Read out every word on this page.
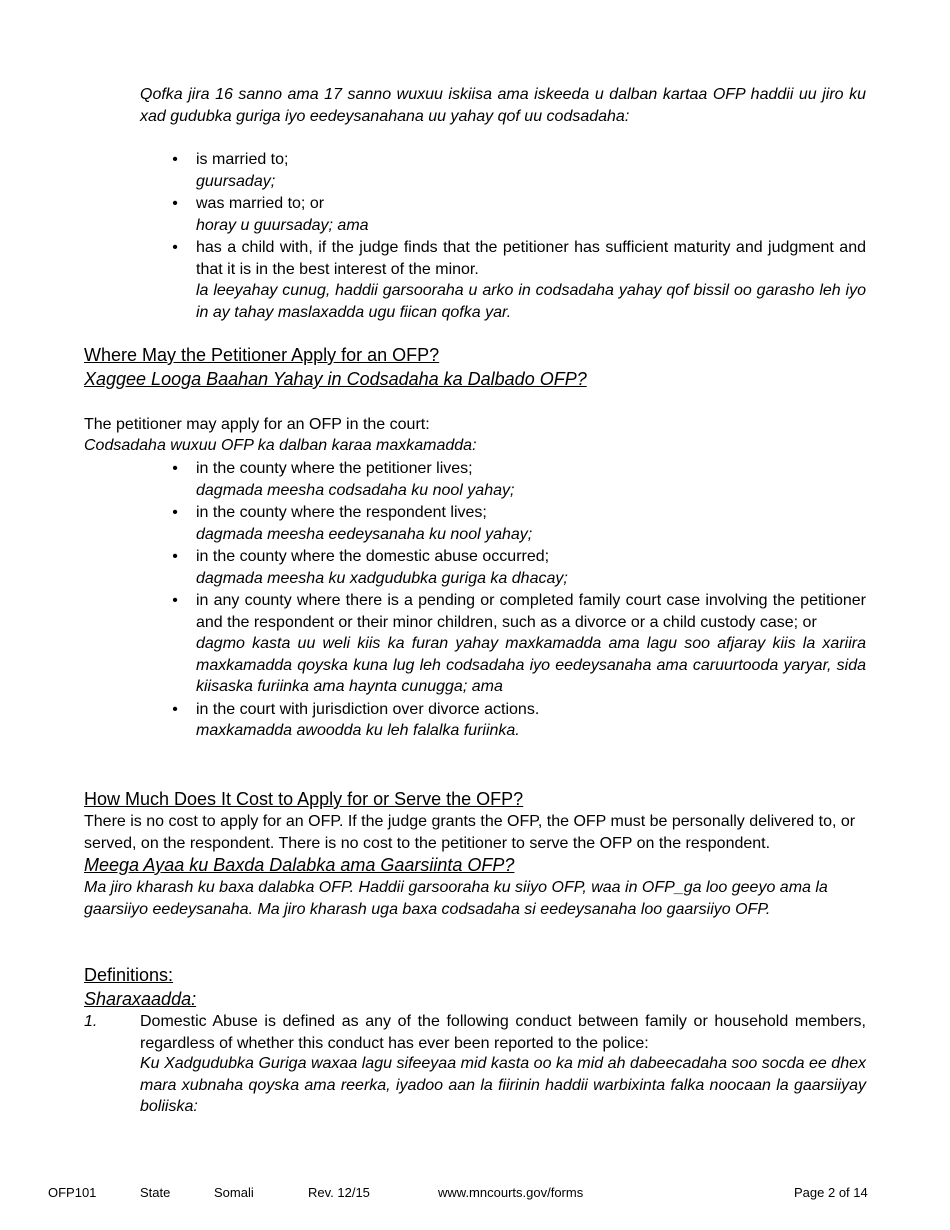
Qofka jira 16 sanno ama 17 sanno wuxuu iskiisa ama iskeeda u dalban kartaa OFP haddii uu jiro ku xad gudubka guriga iyo eedeysanahana uu yahay qof uu codsadaha:
• is married to;
guursaday;
• was married to; or
horay u guursaday; ama
• has a child with, if the judge finds that the petitioner has sufficient maturity and judgment and that it is in the best interest of the minor.
la leeyahay cunug, haddii garsooraha u arko in codsadaha yahay qof bissil oo garasho leh iyo in ay tahay maslaxadda ugu fiican qofka yar.
Where May the Petitioner Apply for an OFP?
Xaggee Looga Baahan Yahay in Codsadaha ka Dalbado OFP?
The petitioner may apply for an OFP in the court:
Codsadaha wuxuu OFP ka dalban karaa maxkamadda:
• in the county where the petitioner lives;
dagmada meesha codsadaha ku nool yahay;
• in the county where the respondent lives;
dagmada meesha eedeysanaha ku nool yahay;
• in the county where the domestic abuse occurred;
dagmada meesha ku xadgudubka guriga ka dhacay;
• in any county where there is a pending or completed family court case involving the petitioner and the respondent or their minor children, such as a divorce or a child custody case; or
dagmo kasta uu weli kiis ka furan yahay maxkamadda ama lagu soo afjaray kiis la xariira maxkamadda qoyska kuna lug leh codsadaha iyo eedeysanaha ama caruurtooda yaryar, sida kiisaska furiinka ama haynta cunugga; ama
• in the court with jurisdiction over divorce actions.
maxkamadda awoodda ku leh falalka furiinka.
How Much Does It Cost to Apply for or Serve the OFP?
There is no cost to apply for an OFP. If the judge grants the OFP, the OFP must be personally delivered to, or served, on the respondent. There is no cost to the petitioner to serve the OFP on the respondent.
Meega Ayaa ku Baxda Dalabka ama Gaarsiinta OFP?
Ma jiro kharash ku baxa dalabka OFP. Haddii garsooraha ku siiyo OFP, waa in OFP_ga loo geeyo ama la gaarsiiyo eedeysanaha. Ma jiro kharash uga baxa codsadaha si eedeysanaha loo gaarsiiyo OFP.
Definitions:
Sharaxaadda:
1.	Domestic Abuse is defined as any of the following conduct between family or household members, regardless of whether this conduct has ever been reported to the police:
Ku Xadgudubka Guriga waxaa lagu sifeeyaa mid kasta oo ka mid ah dabeecadaha soo socda ee dhex mara xubnaha qoyska ama reerka, iyadoo aan la fiirinin haddii warbixinta falka noocaan la gaarsiiyay boliiska:
OFP101	State	Somali	Rev. 12/15	www.mncourts.gov/forms	Page 2 of 14
